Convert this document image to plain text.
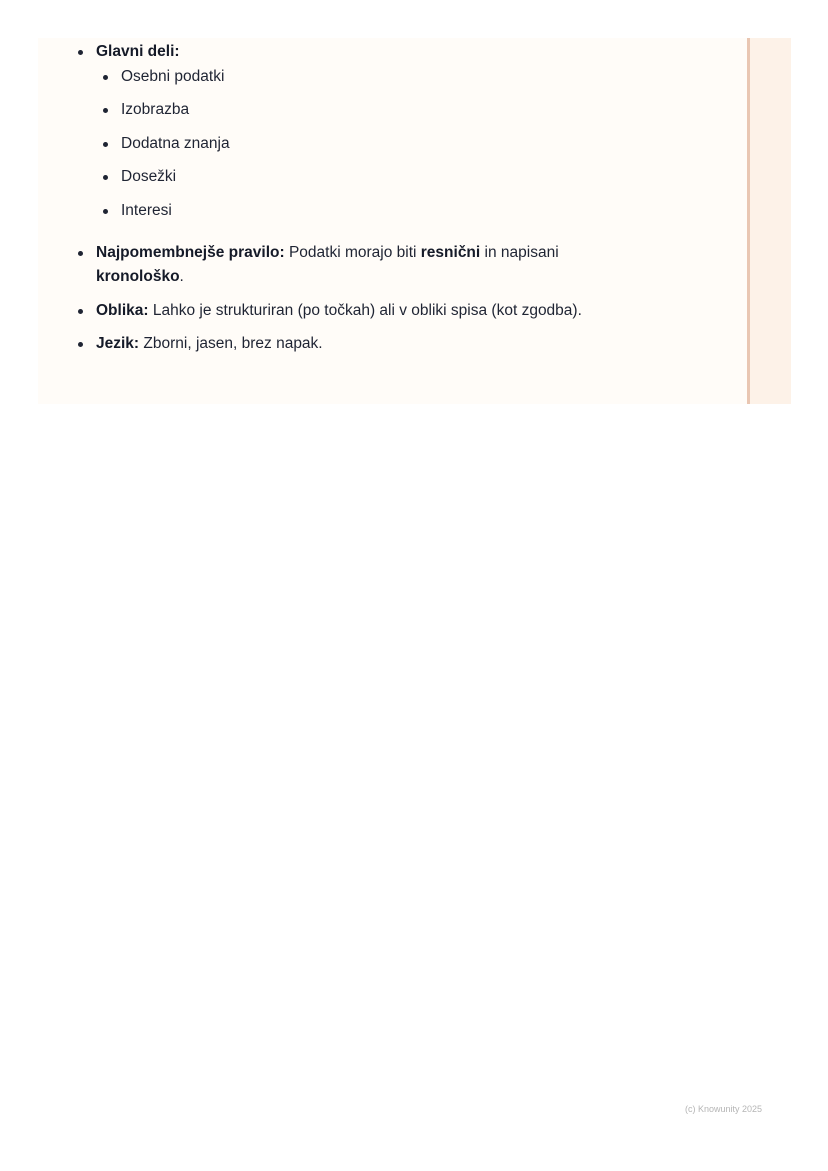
Glavni deli:
Osebni podatki
Izobrazba
Dodatna znanja
Dosežki
Interesi
Najpomembnejše pravilo: Podatki morajo biti resnični in napisani
kronološko.
Oblika: Lahko je strukturiran (po točkah) ali v obliki spisa (kot zgodba).
Jezik: Zborni, jasen, brez napak.
(c) Knowunity 2025
